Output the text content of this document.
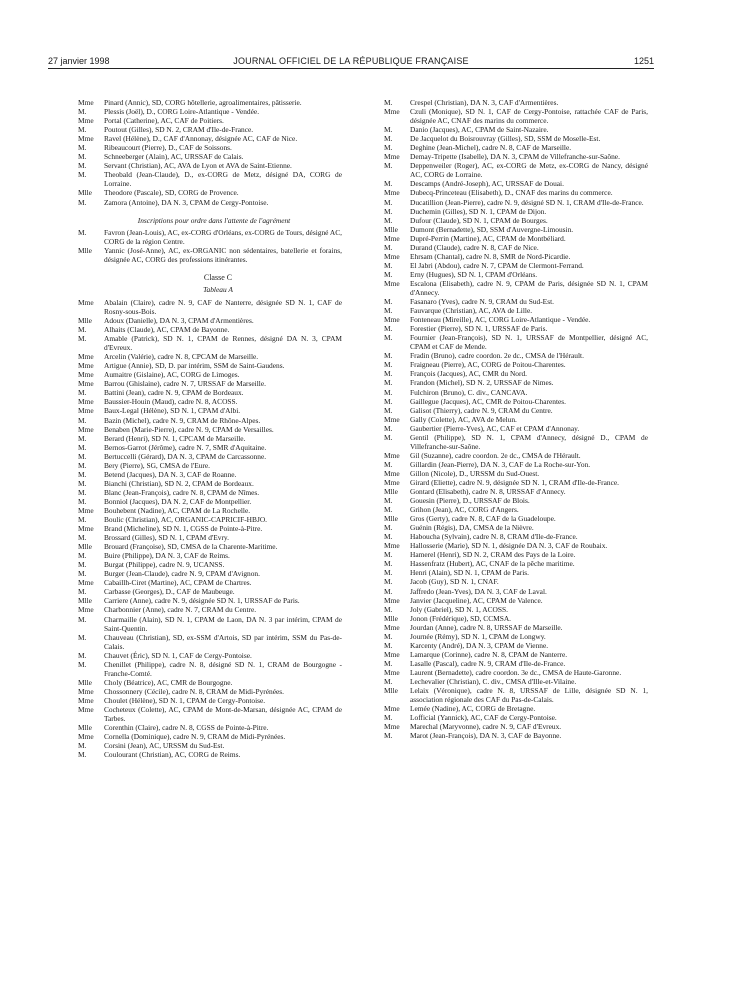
27 janvier 1998	JOURNAL OFFICIEL DE LA RÉPUBLIQUE FRANÇAISE	1251

Mme Pinard (Annic), SD, CORG hôtellerie, agroalimentaires, pâtisserie.

M. Plessis (Joël), D., CORG Loire-Atlantique - Vendée.

Mme Portal (Catherine), AC, CAF de Poitiers.

M. Poutout (Gilles), SD N. 2, CRAM d'Ile-de-France.

Mme Ravel (Hélène), D., CAF d'Annonay, désignée AC, CAF de Nice.

M. Ribeaucourt (Pierre), D., CAF de Soissons.

M. Schneeberger (Alain), AC, URSSAF de Calais.

M. Servant (Christian), AC, AVA de Lyon et AVA de Saint-Etienne.

M. Theobald (Jean-Claude), D., ex-CORG de Metz, désigné DA, CORG de Lorraine.

Mlle Theodore (Pascale), SD, CORG de Provence.

M. Zamora (Antoine), DA N. 3, CPAM de Cergy-Pontoise.

Inscriptions pour ordre dans l'attente de l'agrément

M. Favron (Jean-Louis), AC, ex-CORG d'Orléans, ex-CORG de Tours, désigné AC, CORG de la région Centre.

Mlle Yannic (José-Anne), AC, ex-ORGANIC non sédentaires, batellerie et forains, désignée AC, CORG des professions itinérantes.

Classe C
Tableau A

Mme Abalain (Claire), cadre N. 9, CAF de Nanterre, désignée SD N. 1, CAF de Rosny-sous-Bois.

Mlle Adoux (Danielle), DA N. 3, CPAM d'Armentières.

M. Alhaits (Claude), AC, CPAM de Bayonne.

M. Amable (Patrick), SD N. 1, CPAM de Rennes, désigné DA N. 3, CPAM d'Evreux.

Mme Arcelin (Valérie), cadre N. 8, CPCAM de Marseille.

Mme Artigue (Annie), SD, D. par intérim, SSM de Saint-Gaudens.

Mme Aumaitre (Gislaine), AC, CORG de Limoges.

Mme Barrou (Ghislaine), cadre N. 7, URSSAF de Marseille.

M. Battini (Jean), cadre N. 9, CPAM de Bordeaux.

Mme Baussier-Houin (Maud), cadre N. 8, ACOSS.

Mme Baux-Legal (Hélène), SD N. 1, CPAM d'Albi.

M. Bazin (Michel), cadre N. 9, CRAM de Rhône-Alpes.

Mme Benaben (Marie-Pierre), cadre N. 9, CPAM de Versailles.

M. Berard (Henri), SD N. 1, CPCAM de Marseille.

M. Bernos-Garrot (Jérôme), cadre N. 7, SMR d'Aquitaine.

M. Bertuccelli (Gérard), DA N. 3, CPAM de Carcassonne.

M. Bery (Pierre), SG, CMSA de l'Eure.

M. Betend (Jacques), DA N. 3, CAF de Roanne.

M. Bianchi (Christian), SD N. 2, CPAM de Bordeaux.

M. Blanc (Jean-François), cadre N. 8, CPAM de Nîmes.

M. Bonniol (Jacques), DA N. 2, CAF de Montpellier.

Mme Bouhebent (Nadine), AC, CPAM de La Rochelle.

M. Boulic (Christian), AC, ORGANIC-CAPRICIF-HBJO.

Mme Brand (Micheline), SD N. 1, CGSS de Pointe-à-Pitre.

M. Brossard (Gilles), SD N. 1, CPAM d'Evry.

Mlle Brouard (Françoise), SD, CMSA de la Charente-Maritime.

M. Buire (Philippe), DA N. 3, CAF de Reims.

M. Burgat (Philippe), cadre N. 9, UCANSS.

M. Burger (Jean-Claude), cadre N. 9, CPAM d'Avignon.

Mme Cabaillh-Ciret (Martine), AC, CPAM de Chartres.

M. Carbasse (Georges), D., CAF de Maubeuge.

Mlle Carriere (Anne), cadre N. 9, désignée SD N. 1, URSSAF de Paris.

Mme Charbonnier (Anne), cadre N. 7, CRAM du Centre.

M. Charmaille (Alain), SD N. 1, CPAM de Laon, DA N. 3 par intérim, CPAM de Saint-Quentin.

M. Chauveau (Christian), SD, ex-SSM d'Artois, SD par intérim, SSM du Pas-de-Calais.

M. Chauvet (Éric), SD N. 1, CAF de Cergy-Pontoise.

M. Chenillet (Philippe), cadre N. 8, désigné SD N. 1, CRAM de Bourgogne - Franche-Comté.

Mlle Choly (Béatrice), AC, CMR de Bourgogne.

Mme Chossonnery (Cécile), cadre N. 8, CRAM de Midi-Pyrénées.

Mme Choulet (Hélène), SD N. 1, CPAM de Cergy-Pontoise.

Mme Cocheteux (Colette), AC, CPAM de Mont-de-Marsan, désignée AC, CPAM de Tarbes.

Mlle Corenthin (Claire), cadre N. 8, CGSS de Pointe-à-Pitre.

Mme Cornella (Dominique), cadre N. 9, CRAM de Midi-Pyrénées.

M. Corsini (Jean), AC, URSSM du Sud-Est.

M. Coulourant (Christian), AC, CORG de Reims.

M. Crespel (Christian), DA N. 3, CAF d'Armentières.

Mme Czuli (Monique), SD N. 1, CAF de Cergy-Pontoise, rattachée CAF de Paris, désignée AC, CNAF des marins du commerce.

M. Danio (Jacques), AC, CPAM de Saint-Nazaire.

M. De Jacquelot du Boisrouvray (Gilles), SD, SSM de Moselle-Est.

M. Deghine (Jean-Michel), cadre N. 8, CAF de Marseille.

Mme Demay-Tripette (Isabelle), DA N. 3, CPAM de Villefranche-sur-Saône.

M. Deppenweiler (Roger), AC, ex-CORG de Metz, ex-CORG de Nancy, désigné AC, CORG de Lorraine.

M. Descamps (André-Joseph), AC, URSSAF de Douai.

Mme Dubecq-Princeteau (Elisabeth), D., CNAF des marins du commerce.

M. Ducatillion (Jean-Pierre), cadre N. 9, désigné SD N. 1, CRAM d'Ile-de-France.

M. Duchemin (Gilles), SD N. 1, CPAM de Dijon.

M. Dufour (Claude), SD N. 1, CPAM de Bourges.

Mlle Dumont (Bernadette), SD, SSM d'Auvergne-Limousin.

Mme Dupré-Perrin (Martine), AC, CPAM de Montbéliard.

M. Durand (Claude), cadre N. 8, CAF de Nice.

Mme Ehrsam (Chantal), cadre N. 8, SMR de Nord-Picardie.

M. El Jabri (Abdou), cadre N. 7, CPAM de Clermont-Ferrand.

M. Erny (Hugues), SD N. 1, CPAM d'Orléans.

Mme Escalona (Elisabeth), cadre N. 9, CPAM de Paris, désignée SD N. 1, CPAM d'Annecy.

M. Fasanaro (Yves), cadre N. 9, CRAM du Sud-Est.

M. Fauvarque (Christian), AC, AVA de Lille.

Mme Fonteneau (Mireille), AC, CORG Loire-Atlantique - Vendée.

M. Forestier (Pierre), SD N. 1, URSSAF de Paris.

M. Fournier (Jean-François), SD N. 1, URSSAF de Montpellier, désigné AC, CPAM et CAF de Mende.

M. Fradin (Bruno), cadre coordon. 2e dc., CMSA de l'Hérault.

M. Fraigneau (Pierre), AC, CORG de Poitou-Charentes.

M. François (Jacques), AC, CMR du Nord.

M. Frandon (Michel), SD N. 2, URSSAF de Nimes.

M. Fulchiron (Bruno), C. div., CANCAVA.

M. Gaillegue (Jacques), AC, CMR de Poitou-Charentes.

M. Galisot (Thierry), cadre N. 9, CRAM du Centre.

Mme Gally (Colette), AC, AVA de Melun.

M. Gaubertier (Pierre-Yves), AC, CAF et CPAM d'Annonay.

M. Gentil (Philippe), SD N. 1, CPAM d'Annecy, désigné D., CPAM de Villefranche-sur-Saône.

Mme Gil (Suzanne), cadre coordon. 2e dc., CMSA de l'Hérault.

M. Gillardin (Jean-Pierre), DA N. 3, CAF de La Roche-sur-Yon.

Mme Gillon (Nicole), D., URSSM du Sud-Ouest.

Mme Girard (Eliette), cadre N. 9, désignée SD N. 1, CRAM d'Ile-de-France.

Mlle Gontard (Elisabeth), cadre N. 8, URSSAF d'Annecy.

M. Gouesin (Pierre), D., URSSAF de Blois.

M. Grihon (Jean), AC, CORG d'Angers.

Mlle Gros (Gerty), cadre N. 8, CAF de la Guadeloupe.

M. Guénin (Régis), DA, CMSA de la Nièvre.

M. Haboucha (Sylvain), cadre N. 8, CRAM d'Ile-de-France.

Mme Hallosserie (Marie), SD N. 1, désignée DA N. 3, CAF de Roubaix.

M. Hamerel (Henri), SD N. 2, CRAM des Pays de la Loire.

M. Hassenfratz (Hubert), AC, CNAF de la pêche maritime.

M. Henri (Alain), SD N. 1, CPAM de Paris.

M. Jacob (Guy), SD N. 1, CNAF.

M. Jaffredo (Jean-Yves), DA N. 3, CAF de Laval.

Mme Janvier (Jacqueline), AC, CPAM de Valence.

M. Joly (Gabriel), SD N. 1, ACOSS.

Mlle Jonon (Frédérique), SD, CCMSA.

Mme Jourdan (Anne), cadre N. 8, URSSAF de Marseille.

M. Journée (Rémy), SD N. 1, CPAM de Longwy.

M. Karcenty (André), DA N. 3, CPAM de Vienne.

Mme Lamarque (Corinne), cadre N. 8, CPAM de Nanterre.

M. Lasalle (Pascal), cadre N. 9, CRAM d'Ile-de-France.

Mme Laurent (Bernadette), cadre coordon. 3e dc., CMSA de Haute-Garonne.

M. Lechevalier (Christian), C. div., CMSA d'Ille-et-Vilaine.

Mlle Lelaix (Véronique), cadre N. 8, URSSAF de Lille, désignée SD N. 1, association régionale des CAF du Pas-de-Calais.

Mme Lemée (Nadine), AC, CORG de Bretagne.

M. Lofficial (Yannick), AC, CAF de Cergy-Pontoise.

Mme Marechal (Maryvonne), cadre N. 9, CAF d'Evreux.

M. Marot (Jean-François), DA N. 3, CAF de Bayonne.
